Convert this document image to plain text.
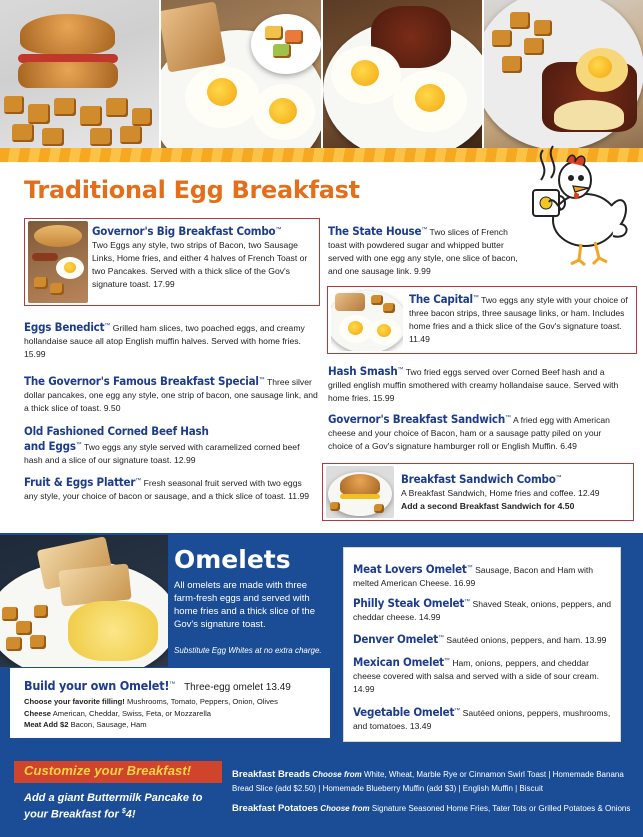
Traditional Egg Breakfast
Governor's Big Breakfast Combo™
Two Eggs any style, two strips of Bacon, two Sausage Links, Home fries, and either 4 halves of French Toast or two Pancakes. Served with a thick slice of the Gov's signature toast. 17.99
The State House™ Two slices of French toast with powdered sugar and whipped butter served with one egg any style, one slice of bacon, and one sausage link. 9.99
The Capital™ Two eggs any style with your choice of three bacon strips, three sausage links, or ham. Includes home fries and a thick slice of the Gov's signature toast. 11.49
Eggs Benedict™ Grilled ham slices, two poached eggs, and creamy hollandaise sauce all atop English muffin halves. Served with home fries. 15.99
The Governor's Famous Breakfast Special™ Three silver dollar pancakes, one egg any style, one strip of bacon, one sausage link, and a thick slice of toast. 9.50
Hash Smash™ Two fried eggs served over Corned Beef hash and a grilled english muffin smothered with creamy hollandaise sauce. Served with home fries. 15.99
Old Fashioned Corned Beef Hash
and Eggs™ Two eggs any style served with caramelized corned beef hash and a slice of our signature toast. 12.99
Governor's Breakfast Sandwich™ A fried egg with American cheese and your choice of Bacon, ham or a sausage patty piled on your choice of a Gov's signature hamburger roll or English Muffin. 6.49
Fruit & Eggs Platter™ Fresh seasonal fruit served with two eggs any style, your choice of bacon or sausage, and a thick slice of toast. 11.99
Breakfast Sandwich Combo™
A Breakfast Sandwich, Home fries and coffee. 12.49
Add a second Breakfast Sandwich for 4.50
Omelets
All omelets are made with three farm-fresh eggs and served with home fries and a thick slice of the Gov's signature toast.
Substitute Egg Whites at no extra charge.
Build your own Omelet!™ Three-egg omelet 13.49
Choose your favorite filling! Mushrooms, Tomato, Peppers, Onion, Olives
Cheese American, Cheddar, Swiss, Feta, or Mozzarella
Meat Add $2 Bacon, Sausage, Ham
Meat Lovers Omelet™ Sausage, Bacon and Ham with melted American Cheese. 16.99
Philly Steak Omelet™ Shaved Steak, onions, peppers, and cheddar cheese. 14.99
Denver Omelet™ Sautéed onions, peppers, and ham. 13.99
Mexican Omelet™ Ham, onions, peppers, and cheddar cheese covered with salsa and served with a side of sour cream. 14.99
Vegetable Omelet™ Sautéed onions, peppers, mushrooms, and tomatoes. 13.49
Customize your Breakfast!
Add a giant Buttermilk Pancake to
your Breakfast for $4!
Breakfast Breads Choose from White, Wheat, Marble Rye or Cinnamon Swirl Toast | Homemade Banana Bread Slice (add $2.50) | Homemade Blueberry Muffin (add $3) | English Muffin | Biscuit
Breakfast Potatoes Choose from Signature Seasoned Home Fries, Tater Tots or Grilled Potatoes & Onions
